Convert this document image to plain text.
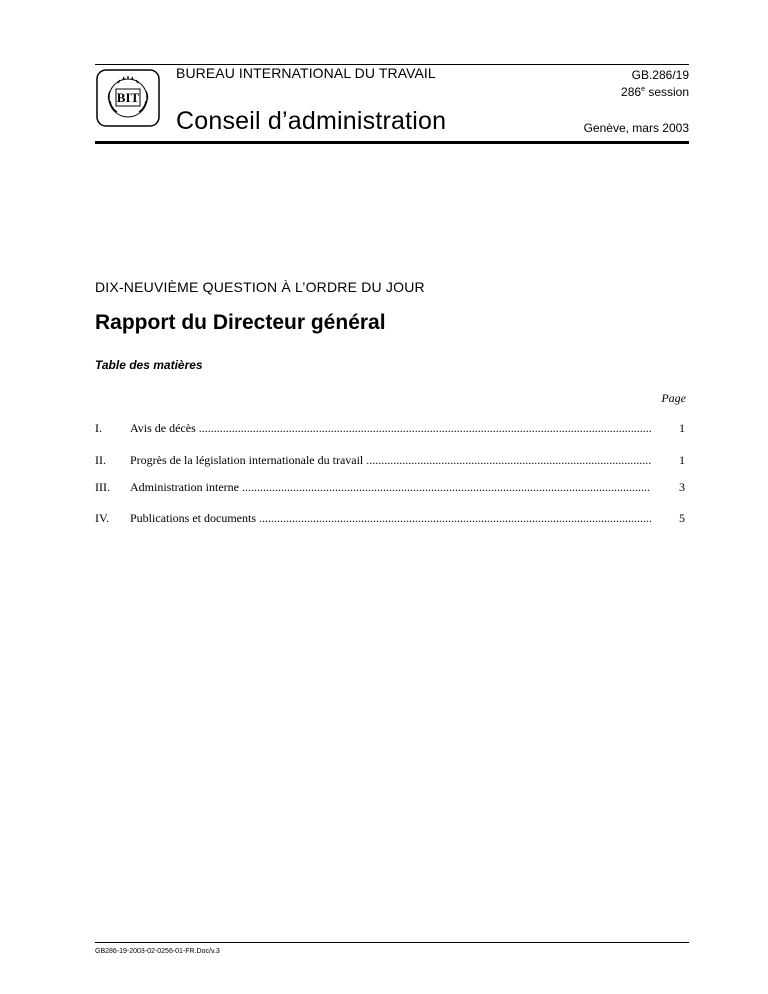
BIT
BUREAU INTERNATIONAL DU TRAVAIL
Conseil d’administration
GB.286/19
286e session
Genève, mars 2003
DIX-NEUVIÈME QUESTION À L’ORDRE DU JOUR
Rapport du Directeur général
Table des matières
Page
I. Avis de décès .....	1
II. Progrès de la législation internationale du travail .....	1
III. Administration interne .....	3
IV. Publications et documents .....	5
GB286-19-2003-02-0256-01-FR.Doc/v.3
